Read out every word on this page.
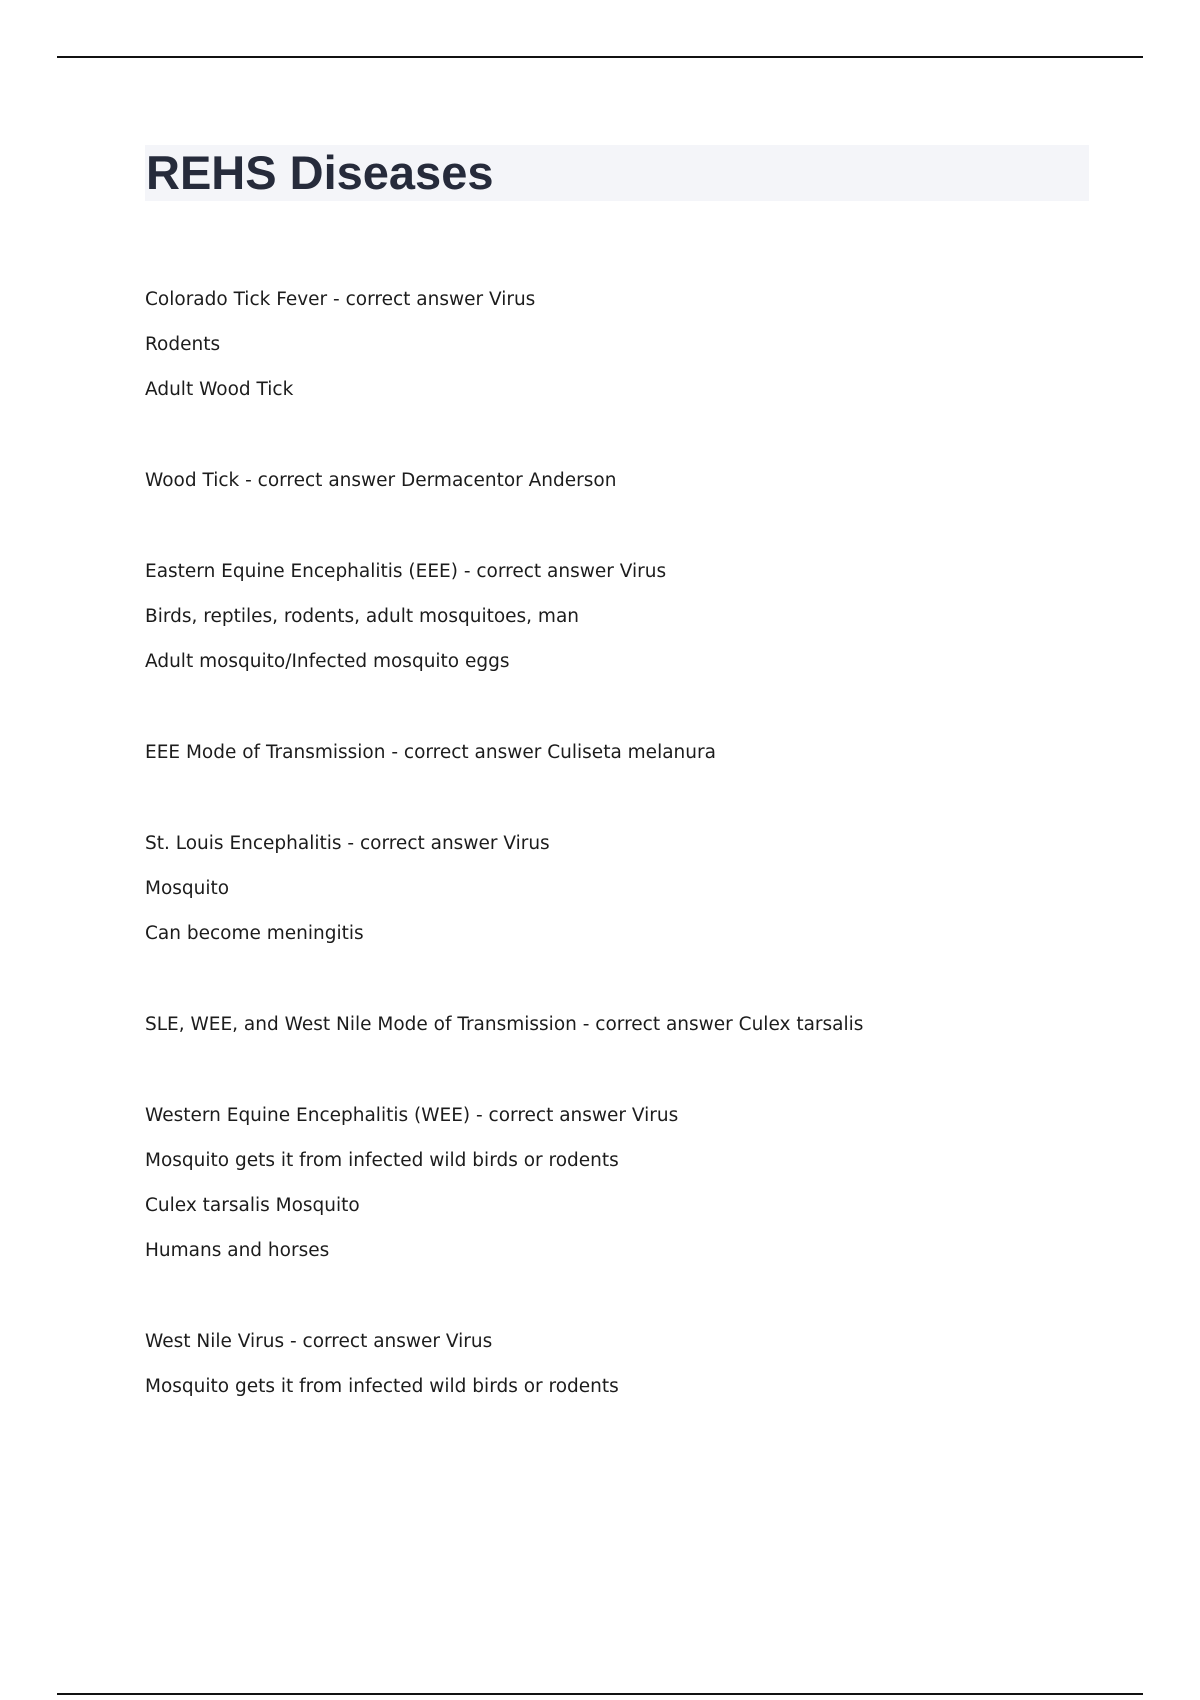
REHS Diseases

Colorado Tick Fever - correct answer Virus

Rodents

Adult Wood Tick

Wood Tick - correct answer Dermacentor Anderson

Eastern Equine Encephalitis (EEE) - correct answer Virus

Birds, reptiles, rodents, adult mosquitoes, man

Adult mosquito/Infected mosquito eggs

EEE Mode of Transmission - correct answer Culiseta melanura

St. Louis Encephalitis - correct answer Virus

Mosquito

Can become meningitis

SLE, WEE, and West Nile Mode of Transmission - correct answer Culex tarsalis

Western Equine Encephalitis (WEE) - correct answer Virus

Mosquito gets it from infected wild birds or rodents

Culex tarsalis Mosquito

Humans and horses

West Nile Virus - correct answer Virus

Mosquito gets it from infected wild birds or rodents
